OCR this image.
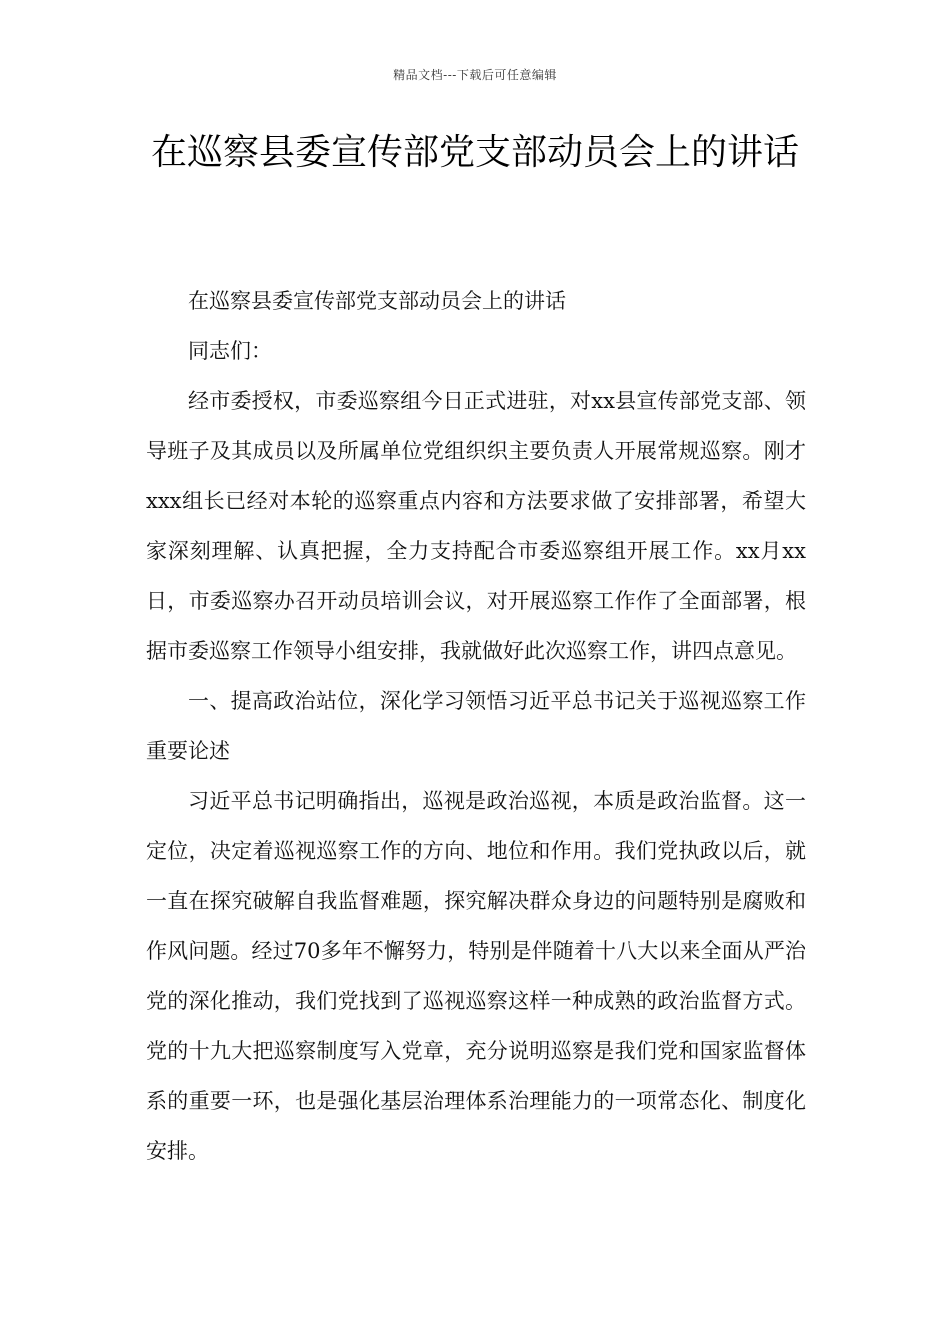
精品文档---下载后可任意编辑
在巡察县委宣传部党支部动员会上的讲话

在巡察县委宣传部党支部动员会上的讲话

同志们：

经市委授权，市委巡察组今日正式进驻，对xx县宣传部党支部、领导班子及其成员以及所属单位党组织织主要负责人开展常规巡察。刚才xxx组长已经对本轮的巡察重点内容和方法要求做了安排部署，希望大家深刻理解、认真把握，全力支持配合市委巡察组开展工作。xx月xx日，市委巡察办召开动员培训会议，对开展巡察工作作了全面部署，根据市委巡察工作领导小组安排，我就做好此次巡察工作，讲四点意见。

一、提高政治站位，深化学习领悟习近平总书记关于巡视巡察工作重要论述

习近平总书记明确指出，巡视是政治巡视，本质是政治监督。这一定位，决定着巡视巡察工作的方向、地位和作用。我们党执政以后，就一直在探究破解自我监督难题，探究解决群众身边的问题特别是腐败和作风问题。经过70多年不懈努力，特别是伴随着十八大以来全面从严治党的深化推动，我们党找到了巡视巡察这样一种成熟的政治监督方式。党的十九大把巡察制度写入党章，充分说明巡察是我们党和国家监督体系的重要一环，也是强化基层治理体系治理能力的一项常态化、制度化安排。
